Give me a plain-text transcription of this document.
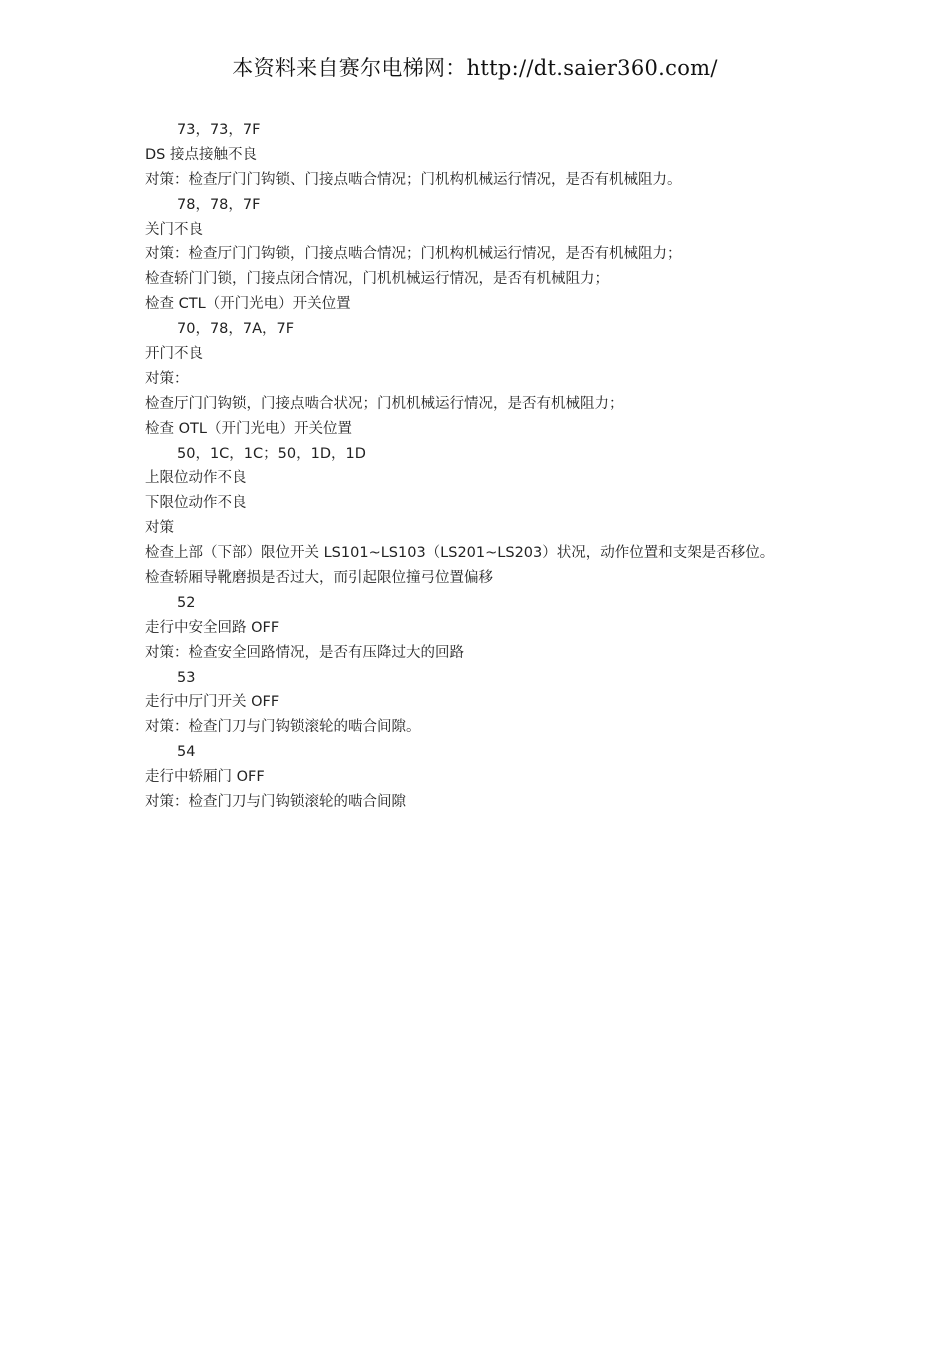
本资料来自赛尔电梯网：http://dt.saier360.com/
73，73，7F
DS 接点接触不良
对策：检查厅门门钩锁、门接点啮合情况；门机构机械运行情况，是否有机械阻力。
78，78，7F
关门不良
对策：检查厅门门钩锁，门接点啮合情况；门机构机械运行情况，是否有机械阻力；
检查轿门门锁，门接点闭合情况，门机机械运行情况，是否有机械阻力；
检查 CTL（开门光电）开关位置
70，78，7A，7F
开门不良
对策：
检查厅门门钩锁，门接点啮合状况；门机机械运行情况，是否有机械阻力；
检查 OTL（开门光电）开关位置
50，1C，1C；50，1D，1D
上限位动作不良
下限位动作不良
对策
检查上部（下部）限位开关 LS101~LS103（LS201~LS203）状况，动作位置和支架是否移位。
检查轿厢导靴磨损是否过大，而引起限位撞弓位置偏移
52
走行中安全回路 OFF
对策：检查安全回路情况，是否有压降过大的回路
53
走行中厅门开关 OFF
对策：检查门刀与门钩锁滚轮的啮合间隙。
54
走行中轿厢门 OFF
对策：检查门刀与门钩锁滚轮的啮合间隙
